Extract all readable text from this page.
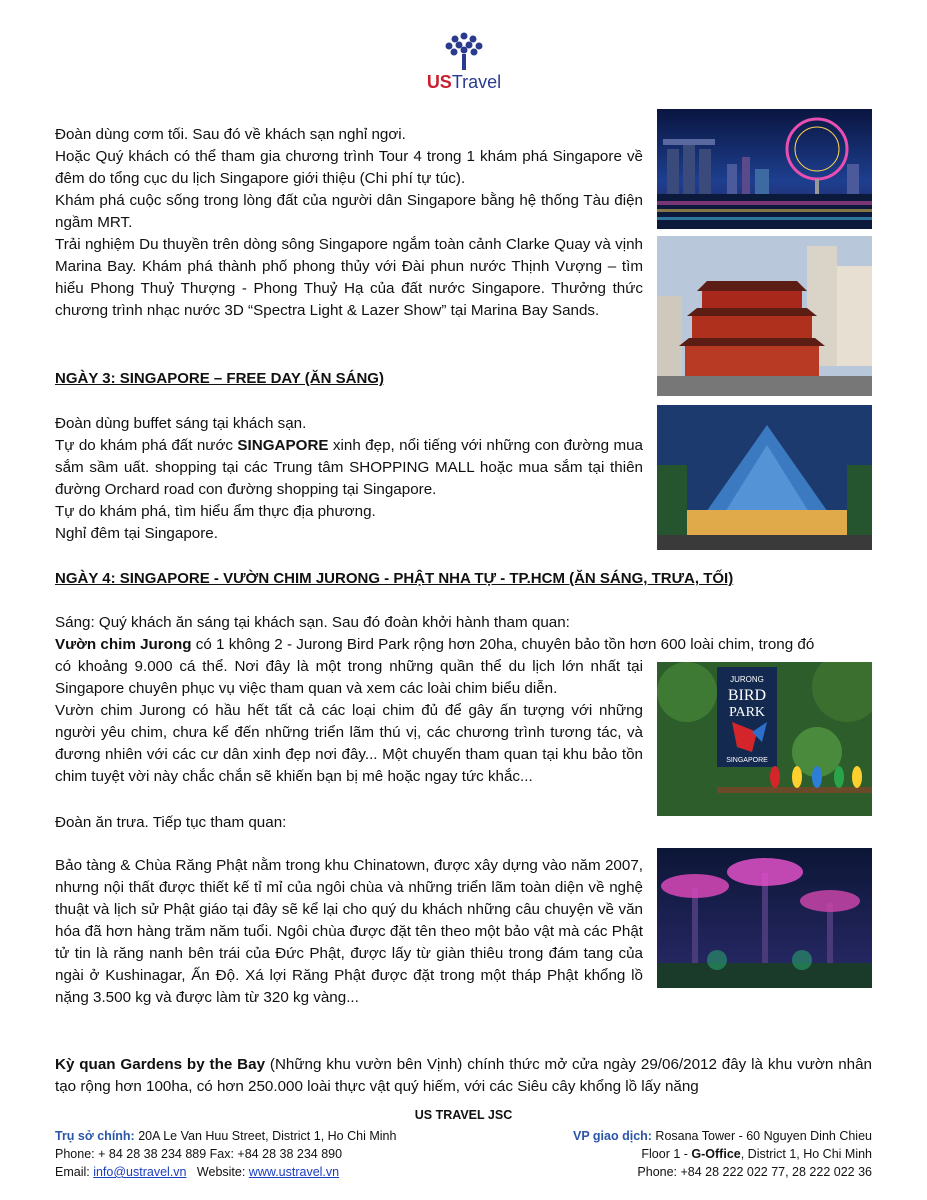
USTravel

Đoàn dùng cơm tối. Sau đó về khách sạn nghỉ ngơi.

Hoặc Quý khách có thể tham gia chương trình Tour 4 trong 1 khám phá Singapore về đêm do tổng cục du lịch Singapore giới thiệu (Chi phí tự túc).

Khám phá cuộc sống trong lòng đất của người dân Singapore bằng hệ thống Tàu điện ngầm MRT.

Trải nghiệm Du thuyền trên dòng sông Singapore ngắm toàn cảnh Clarke Quay và vịnh Marina Bay. Khám phá thành phố phong thủy với Đài phun nước Thịnh Vượng – tìm hiểu Phong Thuỷ Thượng - Phong Thuỷ Hạ của đất nước Singapore. Thưởng thức chương trình nhạc nước 3D “Spectra Light & Lazer Show” tại Marina Bay Sands.

NGÀY 3: SINGAPORE – FREE DAY (ĂN SÁNG)

Đoàn dùng buffet sáng tại khách sạn.

Tự do khám phá đất nước SINGAPORE xinh đẹp, nổi tiếng với những con đường mua sắm sầm uất. shopping tại các Trung tâm SHOPPING MALL hoặc mua sắm tại thiên đường Orchard road con đường shopping tại Singapore.

Tự do khám phá, tìm hiểu ẩm thực địa phương.

Nghỉ đêm tại Singapore.

NGÀY 4: SINGAPORE - VƯỜN CHIM JURONG - PHẬT NHA TỰ - TP.HCM (ĂN SÁNG, TRƯA, TỐI)

Sáng: Quý khách ăn sáng tại khách sạn. Sau đó đoàn khởi hành tham quan:

Vườn chim Jurong có 1 không 2 - Jurong Bird Park rộng hơn 20ha, chuyên bảo tồn hơn 600 loài chim, trong đó

có khoảng 9.000 cá thể. Nơi đây là một trong những quần thể du lịch lớn nhất tại Singapore chuyên phục vụ việc tham quan và xem các loài chim biểu diễn.

Vườn chim Jurong có hầu hết tất cả các loại chim đủ để gây ấn tượng với những người yêu chim, chưa kể đến những triển lãm thú vị, các chương trình tương tác, và đương nhiên với các cư dân xinh đẹp nơi đây... Một chuyến tham quan tại khu bảo tồn chim tuyệt vời này chắc chắn sẽ khiến bạn bị mê hoặc ngay tức khắc...

Đoàn ăn trưa. Tiếp tục tham quan:

Bảo tàng & Chùa Răng Phật nằm trong khu Chinatown, được xây dựng vào năm 2007, nhưng nội thất được thiết kế tỉ mỉ của ngôi chùa và những triển lãm toàn diện về nghệ thuật và lịch sử Phật giáo tại đây sẽ kể lại cho quý du khách những câu chuyện về văn hóa đã hơn hàng trăm năm tuổi. Ngôi chùa được đặt tên theo một bảo vật mà các Phật tử tin là răng nanh bên trái của Đức Phật, được lấy từ giàn thiêu trong đám tang của ngài ở Kushinagar, Ấn Độ. Xá lợi Răng Phật được đặt trong một tháp Phật khổng lồ nặng 3.500 kg và được làm từ 320 kg vàng...

Kỳ quan Gardens by the Bay (Những khu vườn bên Vịnh) chính thức mở cửa ngày 29/06/2012 đây là khu vườn nhân tạo rộng hơn 100ha, có hơn 250.000 loài thực vật quý hiếm, với các Siêu cây khổng lồ lấy năng

JURONG
BIRD
PARK
SINGAPORE
US TRAVEL JSC
Trụ sở chính: 20A Le Van Huu Street, District 1, Ho Chi Minh
Phone: + 84 28 38 234 889 Fax: +84 28 38 234 890
Email: info@ustravel.vn   Website: www.ustravel.vn
VP giao dịch: Rosana Tower - 60 Nguyen Dinh Chieu
Floor 1 - G-Office, District 1, Ho Chi Minh
Phone: +84 28 222 022 77, 28 222 022 36
